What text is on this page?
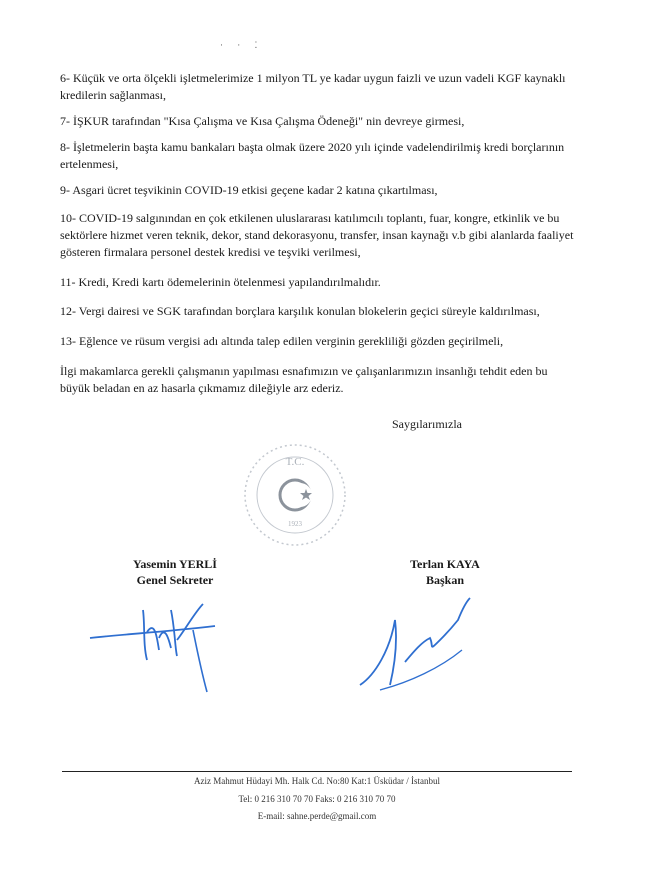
· · ⁚

6- Küçük ve orta ölçekli işletmelerimize 1 milyon TL ye kadar uygun faizli ve uzun vadeli KGF kaynaklı kredilerin sağlanması,

7- İŞKUR tarafından "Kısa Çalışma ve Kısa Çalışma Ödeneği" nin devreye girmesi,

8- İşletmelerin başta kamu bankaları başta olmak üzere 2020 yılı içinde vadelendirilmiş kredi borçlarının ertelenmesi,

9- Asgari ücret teşvikinin COVID-19 etkisi geçene kadar 2 katına çıkartılması,

10- COVID-19 salgınından en çok etkilenen uluslararası katılımcılı toplantı, fuar, kongre, etkinlik ve bu sektörlere hizmet veren teknik, dekor, stand dekorasyonu, transfer, insan kaynağı v.b gibi alanlarda faaliyet gösteren firmalara personel destek kredisi ve teşviki verilmesi,

11- Kredi, Kredi kartı ödemelerinin ötelenmesi yapılandırılmalıdır.

12- Vergi dairesi ve SGK tarafından borçlara karşılık konulan blokelerin geçici süreyle kaldırılması,

13- Eğlence ve rüsum vergisi adı altında talep edilen verginin gerekliliği gözden geçirilmeli,

İlgi makamlarca gerekli çalışmanın yapılması esnafımızın ve çalışanlarımızın insanlığı tehdit eden bu büyük beladan en az hasarla çıkmamız dileğiyle arz ederiz.

Saygılarımızla
T.C.
1923
Yasemin YERLİ
Genel Sekreter
Terlan KAYA
Başkan
Aziz Mahmut Hüdayi Mh. Halk Cd. No:80 Kat:1 Üsküdar / İstanbul
Tel: 0 216 310 70 70 Faks: 0 216 310 70 70
E-mail: sahne.perde@gmail.com
